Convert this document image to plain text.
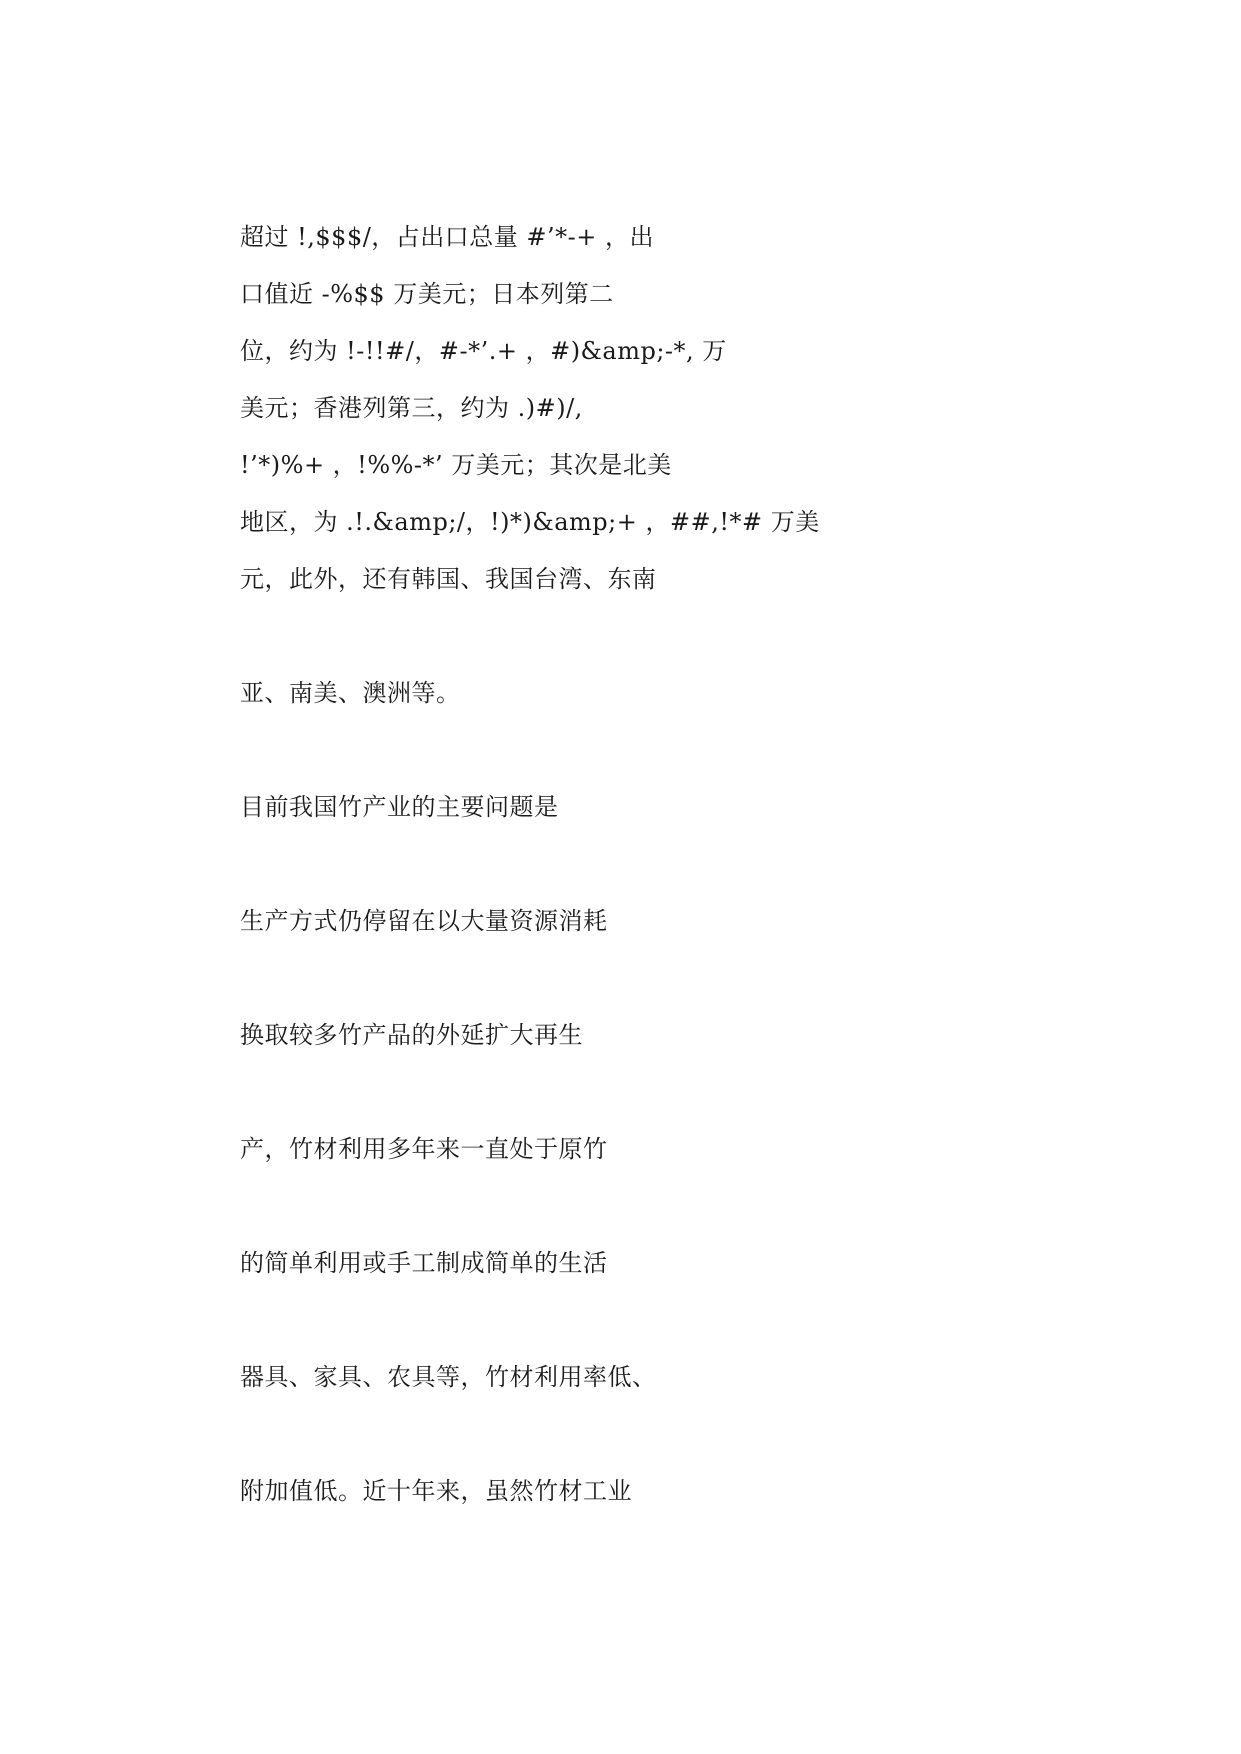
超过 !,$$$/，占出口总量 #’*-+ ，出

口值近 -%$$ 万美元；日本列第二

位，约为 !-!!#/，#-*’.+ ，#)&amp;-*, 万

美元；香港列第三，约为 .)#)/,

!’*)%+ ，!%%-*’ 万美元；其次是北美

地区，为 .!.&amp;/，!)*)&amp;+ ，##,!*# 万美

元，此外，还有韩国、我国台湾、东南

亚、南美、澳洲等。

目前我国竹产业的主要问题是

生产方式仍停留在以大量资源消耗

换取较多竹产品的外延扩大再生

产，竹材利用多年来一直处于原竹

的简单利用或手工制成简单的生活

器具、家具、农具等，竹材利用率低、

附加值低。近十年来，虽然竹材工业
